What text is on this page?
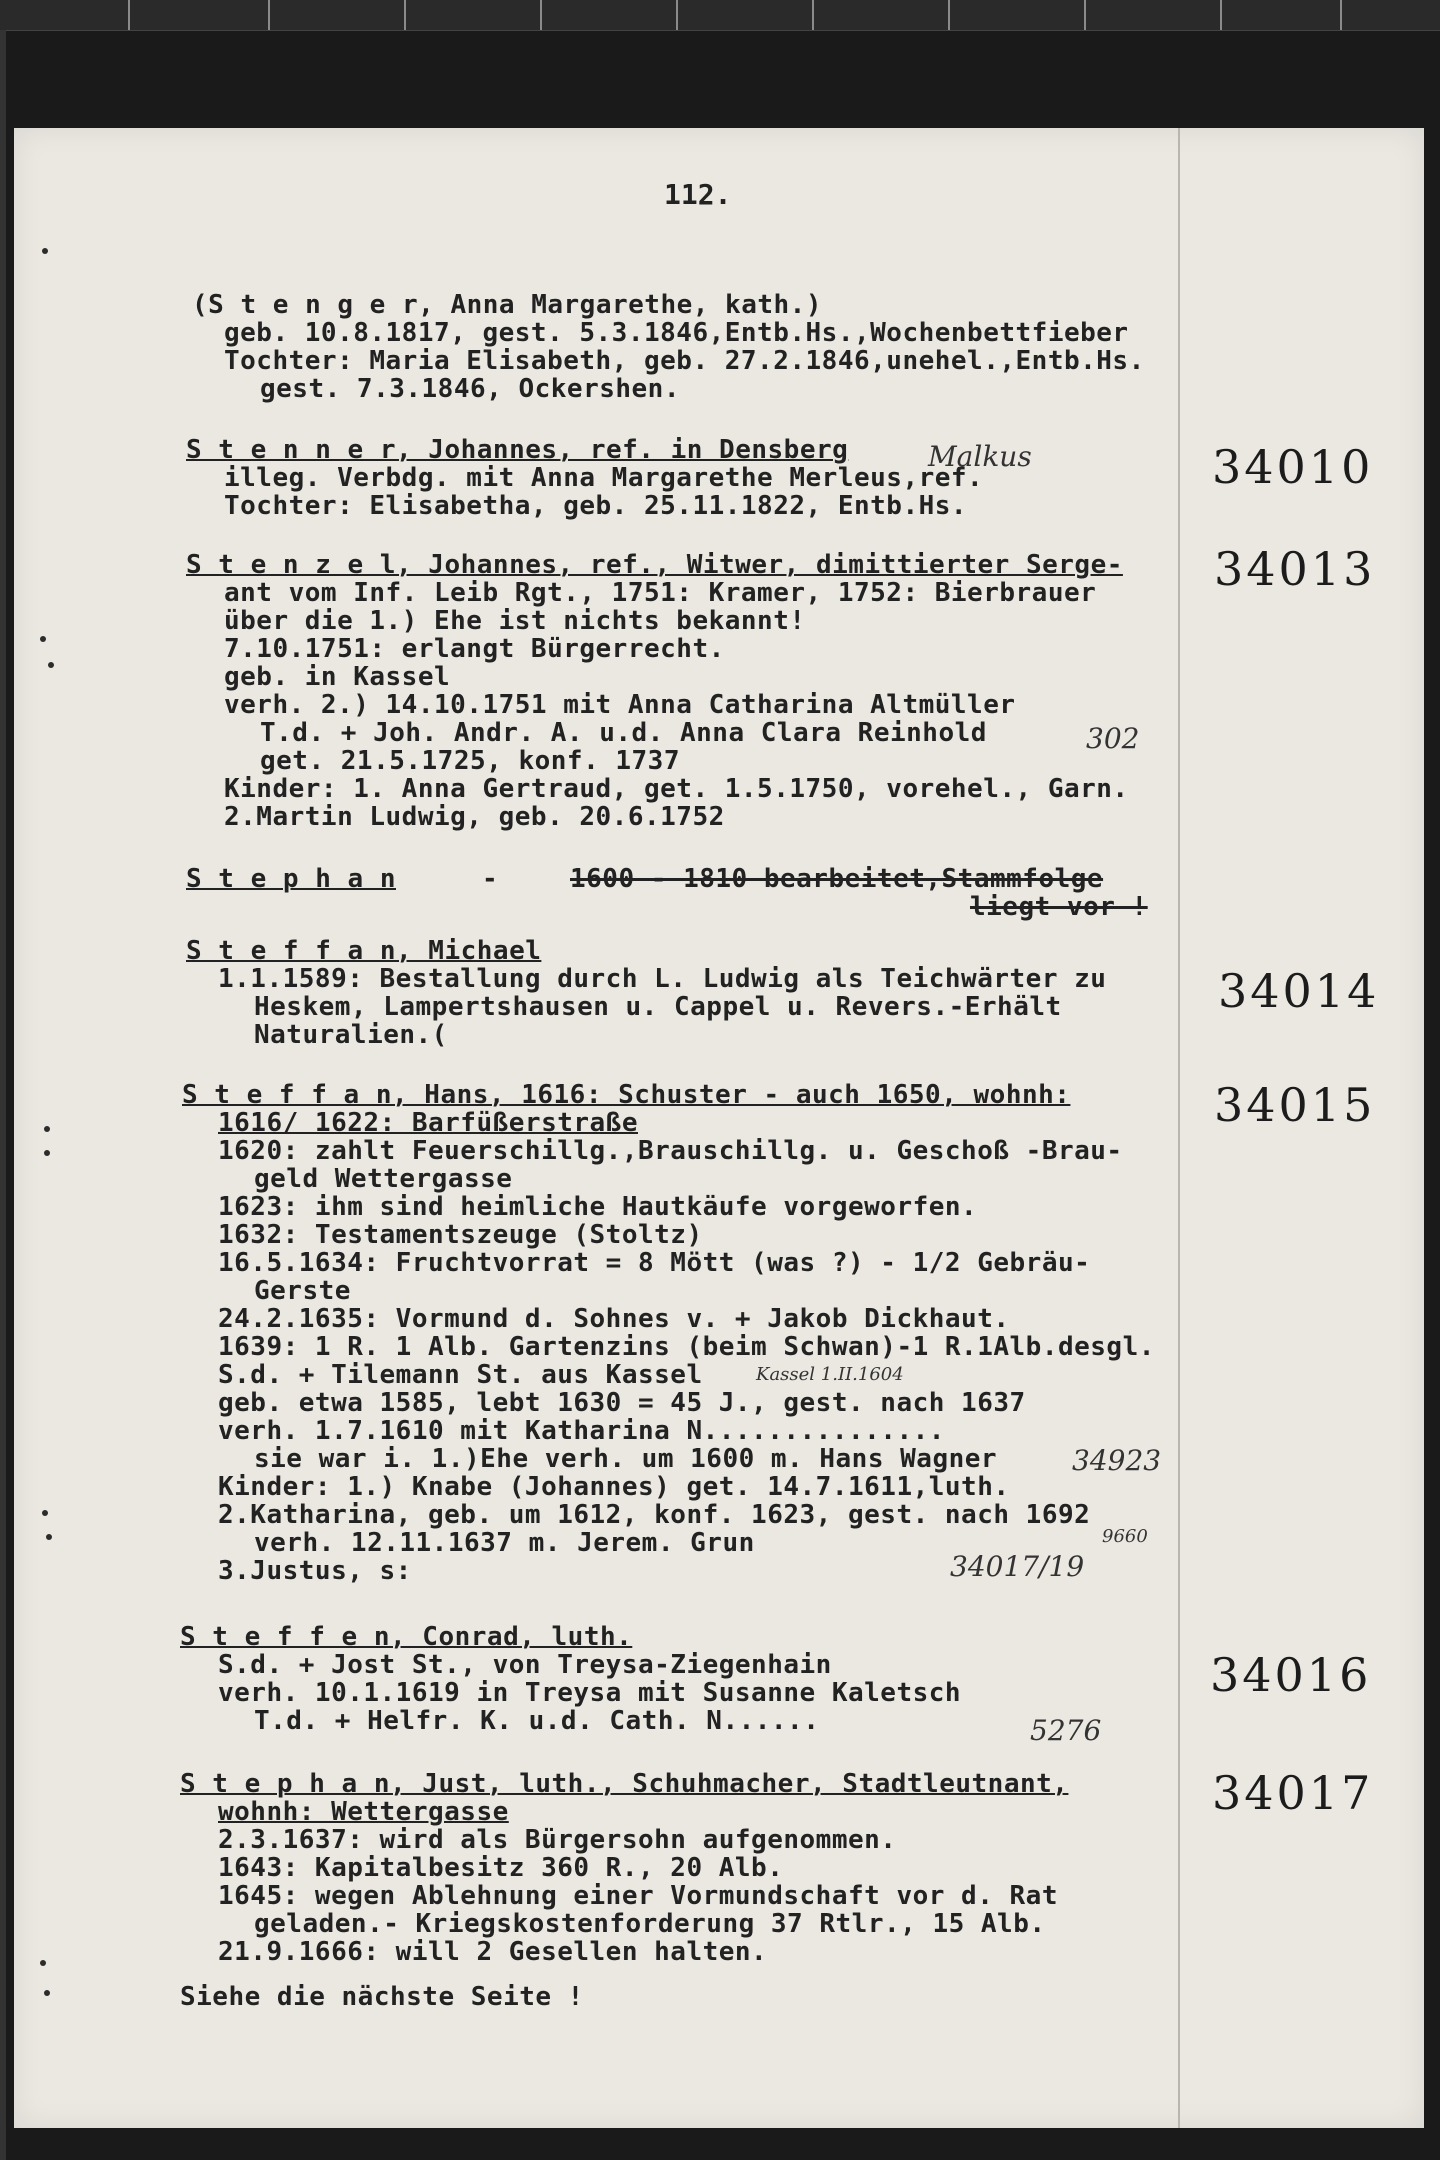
112.
(S t e n g e r, Anna Margarethe, kath.)
geb. 10.8.1817, gest. 5.3.1846,Entb.Hs.,Wochenbettfieber
Tochter: Maria Elisabeth, geb. 27.2.1846,unehel.,Entb.Hs.
gest. 7.3.1846, Ockershen.
S t e n n e r, Johannes, ref. in Densberg
illeg. Verbdg. mit Anna Margarethe Merleus,ref.
Tochter: Elisabetha, geb. 25.11.1822, Entb.Hs.
Malkus	34010
S t e n z e l, Johannes, ref., Witwer, dimittierter Serge-
ant vom Inf. Leib Rgt., 1751: Kramer, 1752: Bierbrauer
über die 1.) Ehe ist nichts bekannt!
7.10.1751: erlangt Bürgerrecht.
geb. in Kassel
verh. 2.) 14.10.1751 mit Anna Catharina Altmüller
T.d. + Joh. Andr. A. u.d. Anna Clara Reinhold
get. 21.5.1725, konf. 1737
Kinder: 1. Anna Gertraud, get. 1.5.1750, vorehel., Garn.
2.Martin Ludwig, geb. 20.6.1752
302
34013
S t e p h a n	-	1600 - 1810 bearbeitet,Stammfolge
liegt vor !
S t e f f a n, Michael
1.1.1589: Bestallung durch L. Ludwig als Teichwärter zu
Heskem, Lampertshausen u. Cappel u. Revers.-Erhält
Naturalien.(
34014
S t e f f a n, Hans, 1616: Schuster - auch 1650, wohnh:
1616/ 1622: Barfüßerstraße
1620: zahlt Feuerschillg.,Brauschillg. u. Geschoß -Brau-
geld Wettergasse
1623: ihm sind heimliche Hautkäufe vorgeworfen.
1632: Testamentszeuge (Stoltz)
16.5.1634: Fruchtvorrat = 8 Mött (was ?) - 1/2 Gebräu-
Gerste
24.2.1635: Vormund d. Sohnes v. + Jakob Dickhaut.
1639: 1 R. 1 Alb. Gartenzins (beim Schwan)-1 R.1Alb.desgl.
S.d. + Tilemann St. aus Kassel
geb. etwa 1585, lebt 1630 = 45 J., gest. nach 1637
verh. 1.7.1610 mit Katharina N...............
sie war i. 1.)Ehe verh. um 1600 m. Hans Wagner
Kinder: 1.) Knabe (Johannes) get. 14.7.1611,luth.
2.Katharina, geb. um 1612, konf. 1623, gest. nach 1692
verh. 12.11.1637 m. Jerem. Grun
3.Justus, s:
Kassel 1.II.1604
34923
9660
34017/19
34015
S t e f f e n, Conrad, luth.
S.d. + Jost St., von Treysa-Ziegenhain
verh. 10.1.1619 in Treysa mit Susanne Kaletsch
T.d. + Helfr. K. u.d. Cath. N......	5276
34016
S t e p h a n, Just, luth., Schuhmacher, Stadtleutnant,
wohnh: Wettergasse
2.3.1637: wird als Bürgersohn aufgenommen.
1643: Kapitalbesitz 360 R., 20 Alb.
1645: wegen Ablehnung einer Vormundschaft vor d. Rat
geladen.- Kriegskostenforderung 37 Rtlr., 15 Alb.
21.9.1666: will 2 Gesellen halten.
Siehe die nächste Seite !
34017
